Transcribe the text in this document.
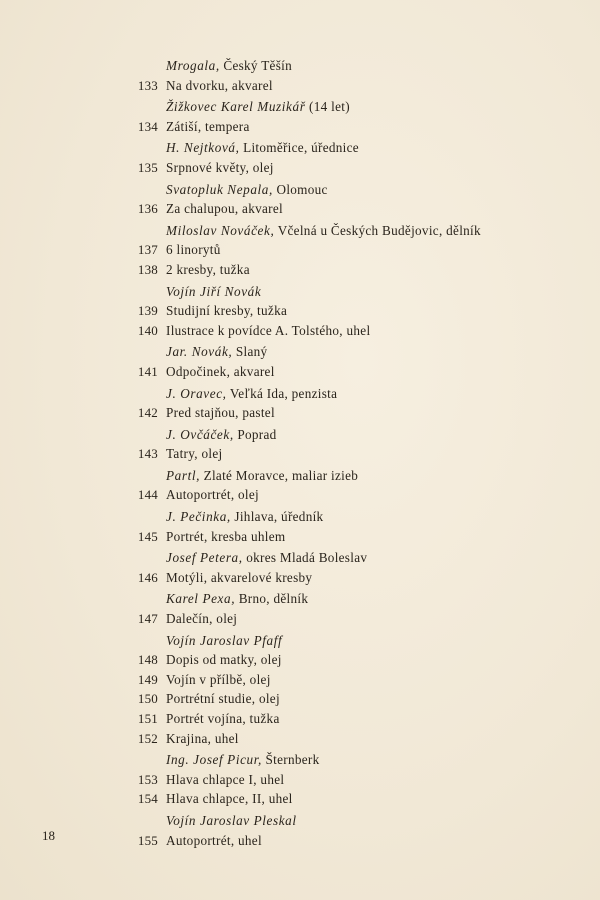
Mrogala, Český Těšín
133 Na dvorku, akvarel
Žižkovec Karel Muzikář (14 let)
134 Zátiší, tempera
H. Nejtková, Litoměřice, úřednice
135 Srpnové květy, olej
Svatopluk Nepala, Olomouc
136 Za chalupou, akvarel
Miloslav Nováček, Včelná u Českých Budějovic, dělník
137 6 linorytů
138 2 kresby, tužka
Vojín Jiří Novák
139 Studijní kresby, tužka
140 Ilustrace k povídce A. Tolstého, uhel
Jar. Novák, Slaný
141 Odpočinek, akvarel
J. Oravec, Veľká Ida, penzista
142 Pred stajňou, pastel
J. Ovčáček, Poprad
143 Tatry, olej
Partl, Zlaté Moravce, maliar izieb
144 Autoportrét, olej
J. Pečinka, Jihlava, úředník
145 Portrét, kresba uhlem
Josef Petera, okres Mladá Boleslav
146 Motýli, akvarelové kresby
Karel Pexa, Brno, dělník
147 Dalečín, olej
Vojín Jaroslav Pfaff
148 Dopis od matky, olej
149 Vojín v přílbě, olej
150 Portrétní studie, olej
151 Portrét vojína, tužka
152 Krajina, uhel
Ing. Josef Picur, Šternberk
153 Hlava chlapce I, uhel
154 Hlava chlapce, II, uhel
Vojín Jaroslav Pleskal
155 Autoportrét, uhel
18
